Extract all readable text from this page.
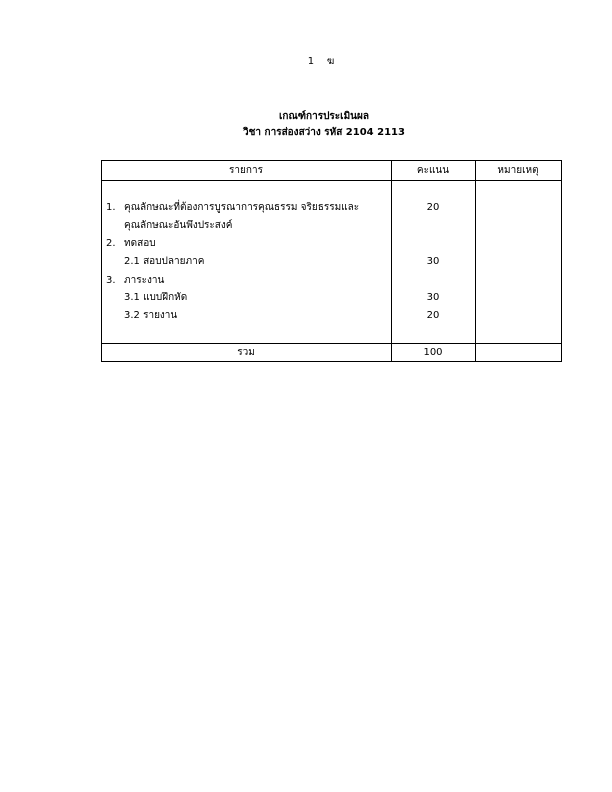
1 ฆ
เกณฑ์การประเมินผล
วิชา การส่องสว่าง รหัส 2104 2113
รายการ	คะแนน	หมายเหตุ
1. คุณลักษณะที่ต้องการบูรณาการคุณธรรม จริยธรรมและ	20
คุณลักษณะอันพึงประสงค์
2. ทดสอบ
2.1 สอบปลายภาค	30
3. ภาระงาน
3.1 แบบฝึกหัด	30
3.2 รายงาน	20
รวม	100
